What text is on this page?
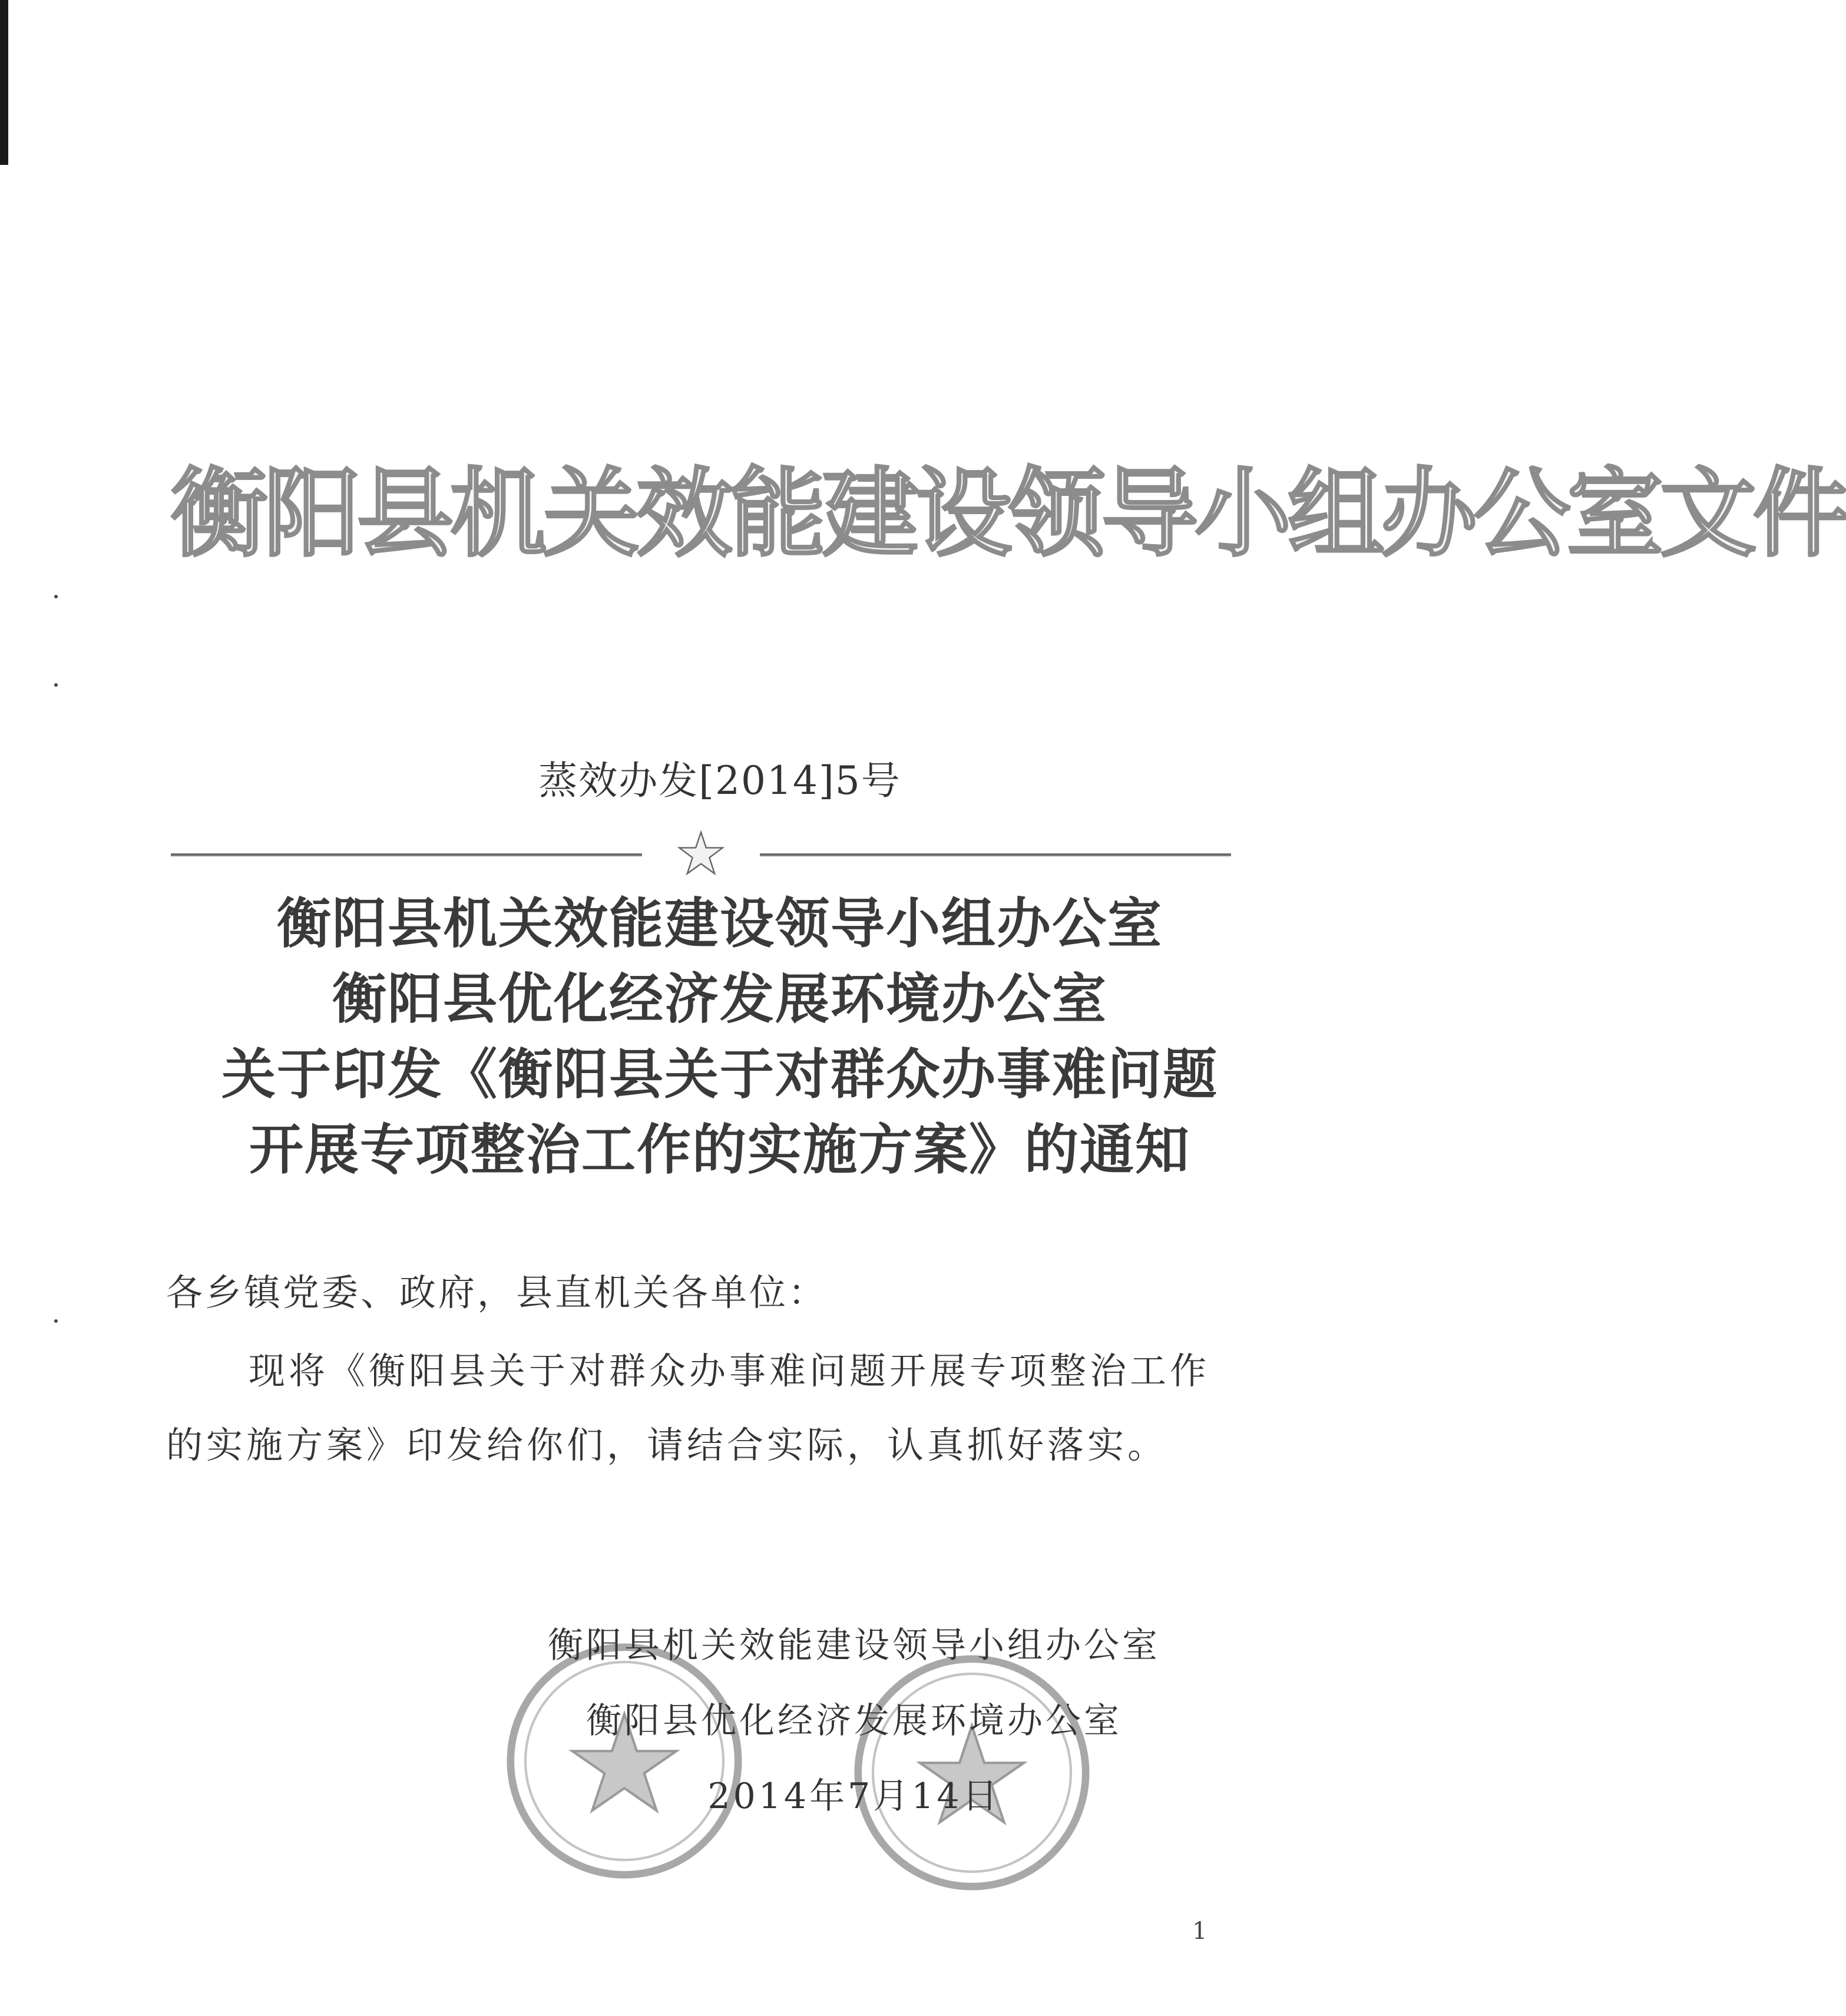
衡阳县机关效能建设领导小组办公室文件
蒸效办发[2014]5号
衡阳县机关效能建设领导小组办公室
衡阳县优化经济发展环境办公室
关于印发《衡阳县关于对群众办事难问题
开展专项整治工作的实施方案》的通知
各乡镇党委、政府，县直机关各单位：
现将《衡阳县关于对群众办事难问题开展专项整治工作的实施方案》印发给你们，请结合实际，认真抓好落实。
衡阳县机关效能建设领导小组办公室
衡阳县优化经济发展环境办公室
2014年7月14日
1
